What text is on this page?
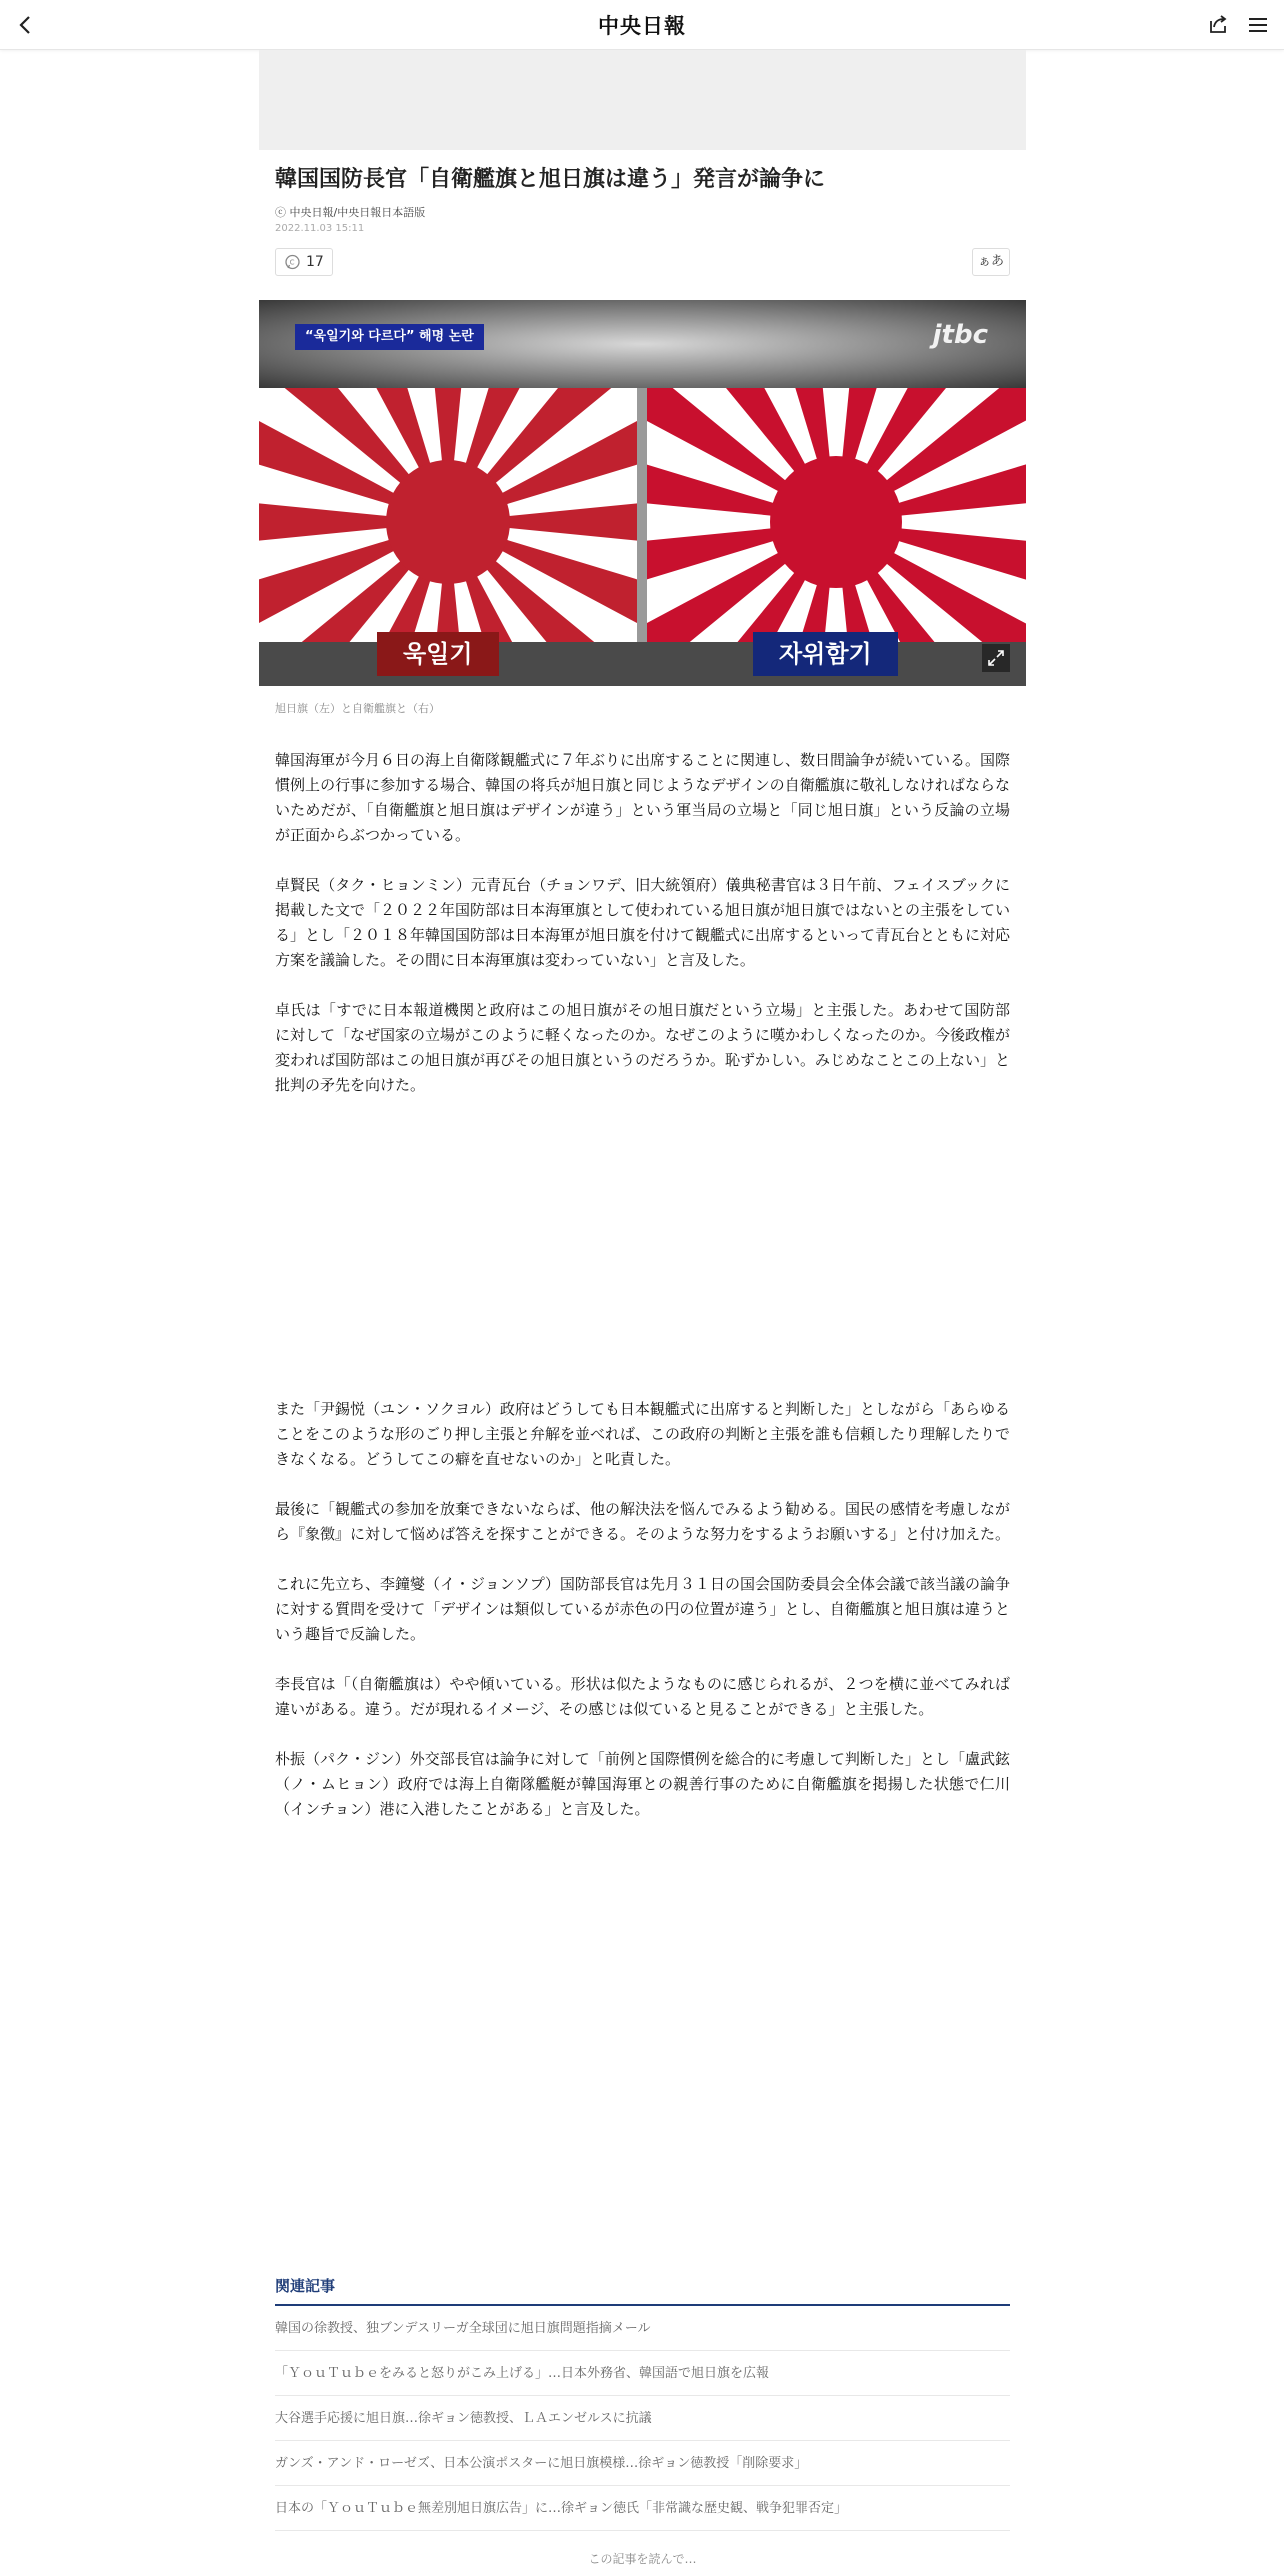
中央日報
韓国国防長官「自衛艦旗と旭日旗は違う」発言が論争に
ⓒ 中央日報/中央日報日本語版
2022.11.03 15:11
C 17	ぁあ
“욱일기와 다르다” 해명 논란	jtbc
욱일기	자위함기
旭日旗（左）と自衛艦旗と（右）

韓国海軍が今月６日の海上自衛隊観艦式に７年ぶりに出席することに関連し、数日間論争が続いている。国際慣例上の行事に参加する場合、韓国の将兵が旭日旗と同じようなデザインの自衛艦旗に敬礼しなければならないためだが、「自衛艦旗と旭日旗はデザインが違う」という軍当局の立場と「同じ旭日旗」という反論の立場が正面からぶつかっている。

卓賢民（タク・ヒョンミン）元青瓦台（チョンワデ、旧大統領府）儀典秘書官は３日午前、フェイスブックに掲載した文で「２０２２年国防部は日本海軍旗として使われている旭日旗が旭日旗ではないとの主張をしている」とし「２０１８年韓国国防部は日本海軍が旭日旗を付けて観艦式に出席するといって青瓦台とともに対応方案を議論した。その間に日本海軍旗は変わっていない」と言及した。

卓氏は「すでに日本報道機関と政府はこの旭日旗がその旭日旗だという立場」と主張した。あわせて国防部に対して「なぜ国家の立場がこのように軽くなったのか。なぜこのように嘆かわしくなったのか。今後政権が変われば国防部はこの旭日旗が再びその旭日旗というのだろうか。恥ずかしい。みじめなことこの上ない」と批判の矛先を向けた。

また「尹錫悦（ユン・ソクヨル）政府はどうしても日本観艦式に出席すると判断した」としながら「あらゆることをこのような形のごり押し主張と弁解を並べれば、この政府の判断と主張を誰も信頼したり理解したりできなくなる。どうしてこの癖を直せないのか」と叱責した。

最後に「観艦式の参加を放棄できないならば、他の解決法を悩んでみるよう勧める。国民の感情を考慮しながら『象徴』に対して悩めば答えを探すことができる。そのような努力をするようお願いする」と付け加えた。

これに先立ち、李鐘燮（イ・ジョンソプ）国防部長官は先月３１日の国会国防委員会全体会議で該当議の論争に対する質問を受けて「デザインは類似しているが赤色の円の位置が違う」とし、自衛艦旗と旭日旗は違うという趣旨で反論した。

李長官は「（自衛艦旗は）やや傾いている。形状は似たようなものに感じられるが、２つを横に並べてみれば違いがある。違う。だが現れるイメージ、その感じは似ていると見ることができる」と主張した。

朴振（パク・ジン）外交部長官は論争に対して「前例と国際慣例を総合的に考慮して判断した」とし「盧武鉉（ノ・ムヒョン）政府では海上自衛隊艦艇が韓国海軍との親善行事のために自衛艦旗を掲揚した状態で仁川（インチョン）港に入港したことがある」と言及した。

関連記事
韓国の徐教授、独ブンデスリーガ全球団に旭日旗問題指摘メール
「ＹｏｕＴｕｂｅをみると怒りがこみ上げる」…日本外務省、韓国語で旭日旗を広報
大谷選手応援に旭日旗…徐ギョン徳教授、ＬＡエンゼルスに抗議
ガンズ・アンド・ローゼズ、日本公演ポスターに旭日旗模様…徐ギョン徳教授「削除要求」
日本の「ＹｏｕＴｕｂｅ無差別旭日旗広告」に…徐ギョン徳氏「非常識な歴史観、戦争犯罪否定」
この記事を読んで…
